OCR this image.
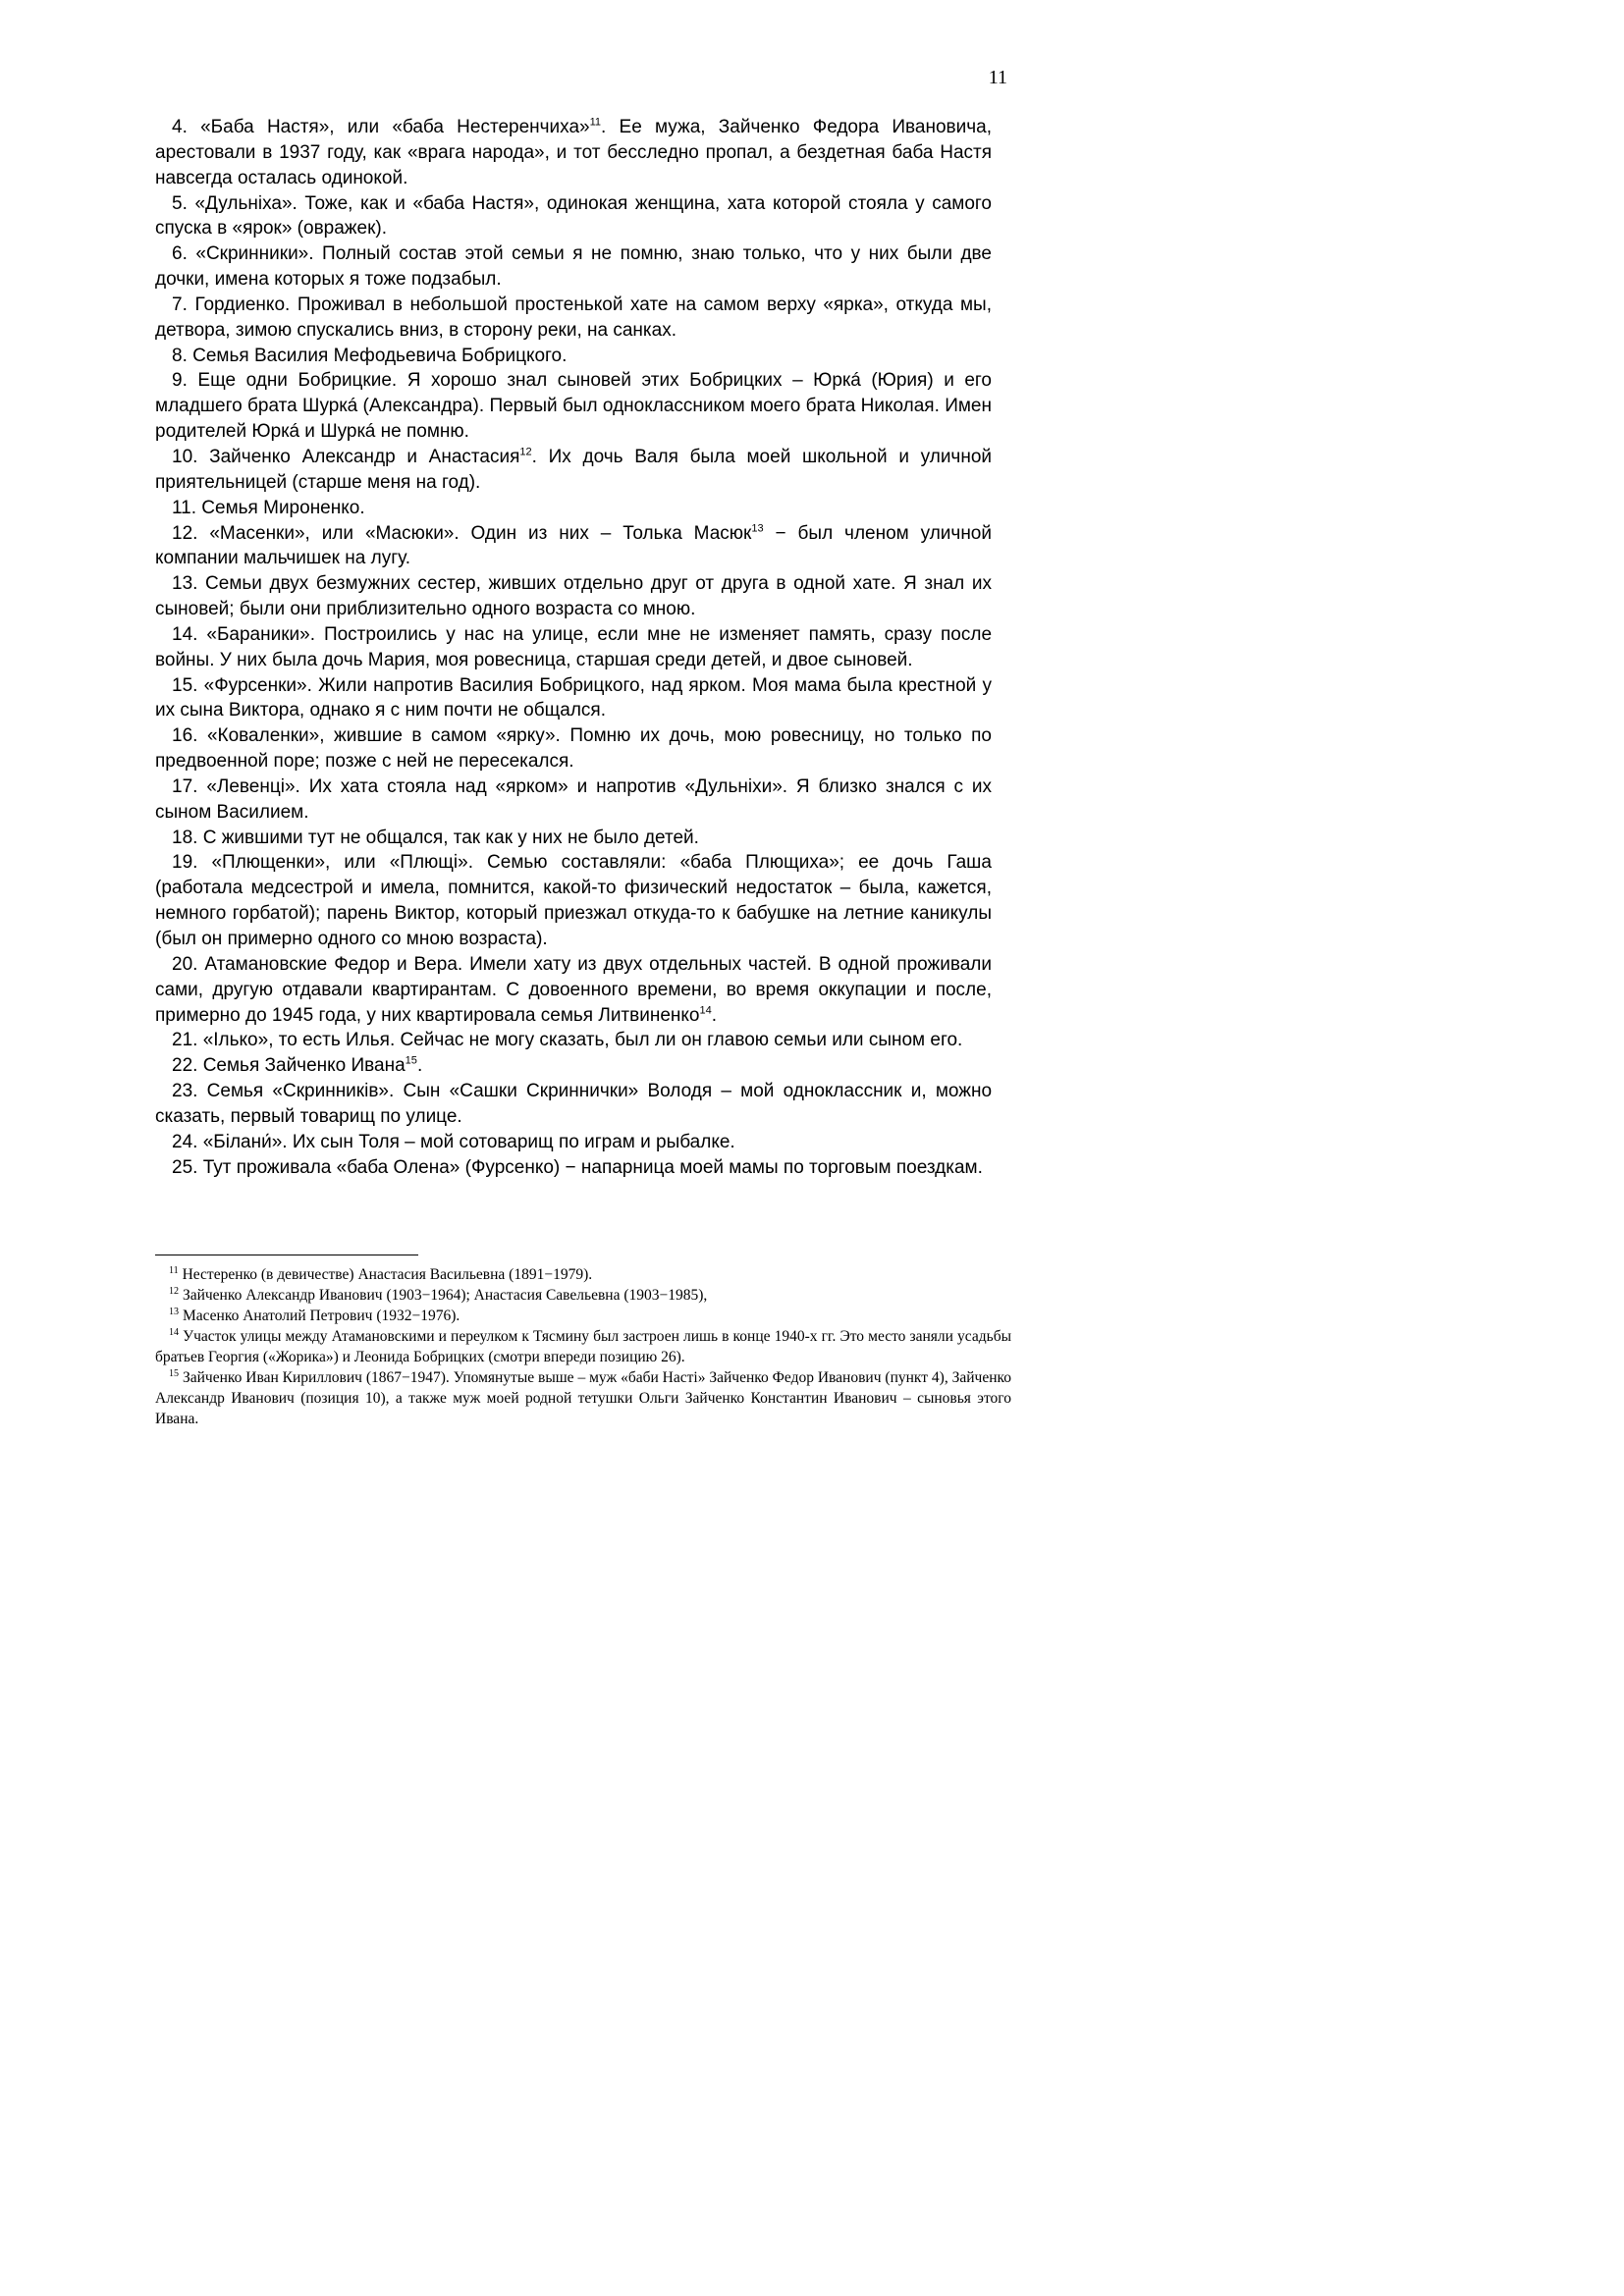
11

4. «Баба Настя», или «баба Нестеренчиха»$^{11}$. Ее мужа, Зайченко Федора Ивановича, арестовали в 1937 году, как «врага народа», и тот бесследно пропал, а бездетная баба Настя навсегда осталась одинокой.

5. «Дульніха». Тоже, как и «баба Настя», одинокая женщина, хата которой стояла у самого спуска в «ярок» (овражек).

6. «Скринники». Полный состав этой семьи я не помню, знаю только, что у них были две дочки, имена которых я тоже подзабыл.

7. Гордиенко. Проживал в небольшой простенькой хате на самом верху «ярка», откуда мы, детвора, зимою спускались вниз, в сторону реки, на санках.

8. Семья Василия Мефодьевича Бобрицкого.

9. Еще одни Бобрицкие. Я хорошо знал сыновей этих Бобрицких – Юркá (Юрия) и его младшего брата Шуркá (Александра). Первый был одноклассником моего брата Николая. Имен родителей Юркá и Шуркá не помню.

10. Зайченко Александр и Анастасия$^{12}$. Их дочь Валя была моей школьной и уличной приятельницей (старше меня на год).

11. Семья Мироненко.

12. «Масенки», или «Масюки». Один из них – Толька Масюк$^{13}$ − был членом уличной компании мальчишек на лугу.

13. Семьи двух безмужних сестер, живших отдельно друг от друга в одной хате. Я знал их сыновей; были они приблизительно одного возраста со мною.

14. «Бараники». Построились у нас на улице, если мне не изменяет память, сразу после войны. У них была дочь Мария, моя ровесница, старшая среди детей, и двое сыновей.

15. «Фурсенки». Жили напротив Василия Бобрицкого, над ярком. Моя мама была крестной у их сына Виктора, однако я с ним почти не общался.

16. «Коваленки», жившие в самом «ярку». Помню их дочь, мою ровесницу, но только по предвоенной поре; позже с ней не пересекался.

17. «Левенці». Их хата стояла над «ярком» и напротив «Дульніхи». Я близко знался с их сыном Василием.

18. С жившими тут не общался, так как у них не было детей.

19. «Плющенки», или «Плющі». Семью составляли: «баба Плющиха»; ее дочь Гаша (работала медсестрой и имела, помнится, какой-то физический недостаток – была, кажется, немного горбатой); парень Виктор, который приезжал откуда-то к бабушке на летние каникулы (был он примерно одного со мною возраста).

20. Атамановские Федор и Вера. Имели хату из двух отдельных частей. В одной проживали сами, другую отдавали квартирантам. С довоенного времени, во время оккупации и после, примерно до 1945 года, у них квартировала семья Литвиненко$^{14}$.

21. «Ілько», то есть Илья. Сейчас не могу сказать, был ли он главою семьи или сыном его.

22. Семья Зайченко Ивана$^{15}$.

23. Семья «Скринників». Сын «Сашки Скриннички» Володя – мой одноклассник и, можно сказать, первый товарищ по улице.

24. «Білани́». Их сын Толя – мой сотоварищ по играм и рыбалке.

25. Тут проживала «баба Олена» (Фурсенко) − напарница моей мамы по торговым поездкам.

$^{11}$ Нестеренко (в девичестве) Анастасия Васильевна (1891−1979).

$^{12}$ Зайченко Александр Иванович (1903−1964); Анастасия Савельевна (1903−1985),

$^{13}$ Масенко Анатолий Петрович (1932−1976).

$^{14}$ Участок улицы между Атамановскими и переулком к Тясмину был застроен лишь в конце 1940-х гг. Это место заняли усадьбы братьев Георгия («Жорика») и Леонида Бобрицких (смотри впереди позицию 26).

$^{15}$ Зайченко Иван Кириллович (1867−1947). Упомянутые выше – муж «баби Насті» Зайченко Федор Иванович (пункт 4), Зайченко Александр Иванович (позиция 10), а также муж моей родной тетушки Ольги Зайченко Константин Иванович – сыновья этого Ивана.
